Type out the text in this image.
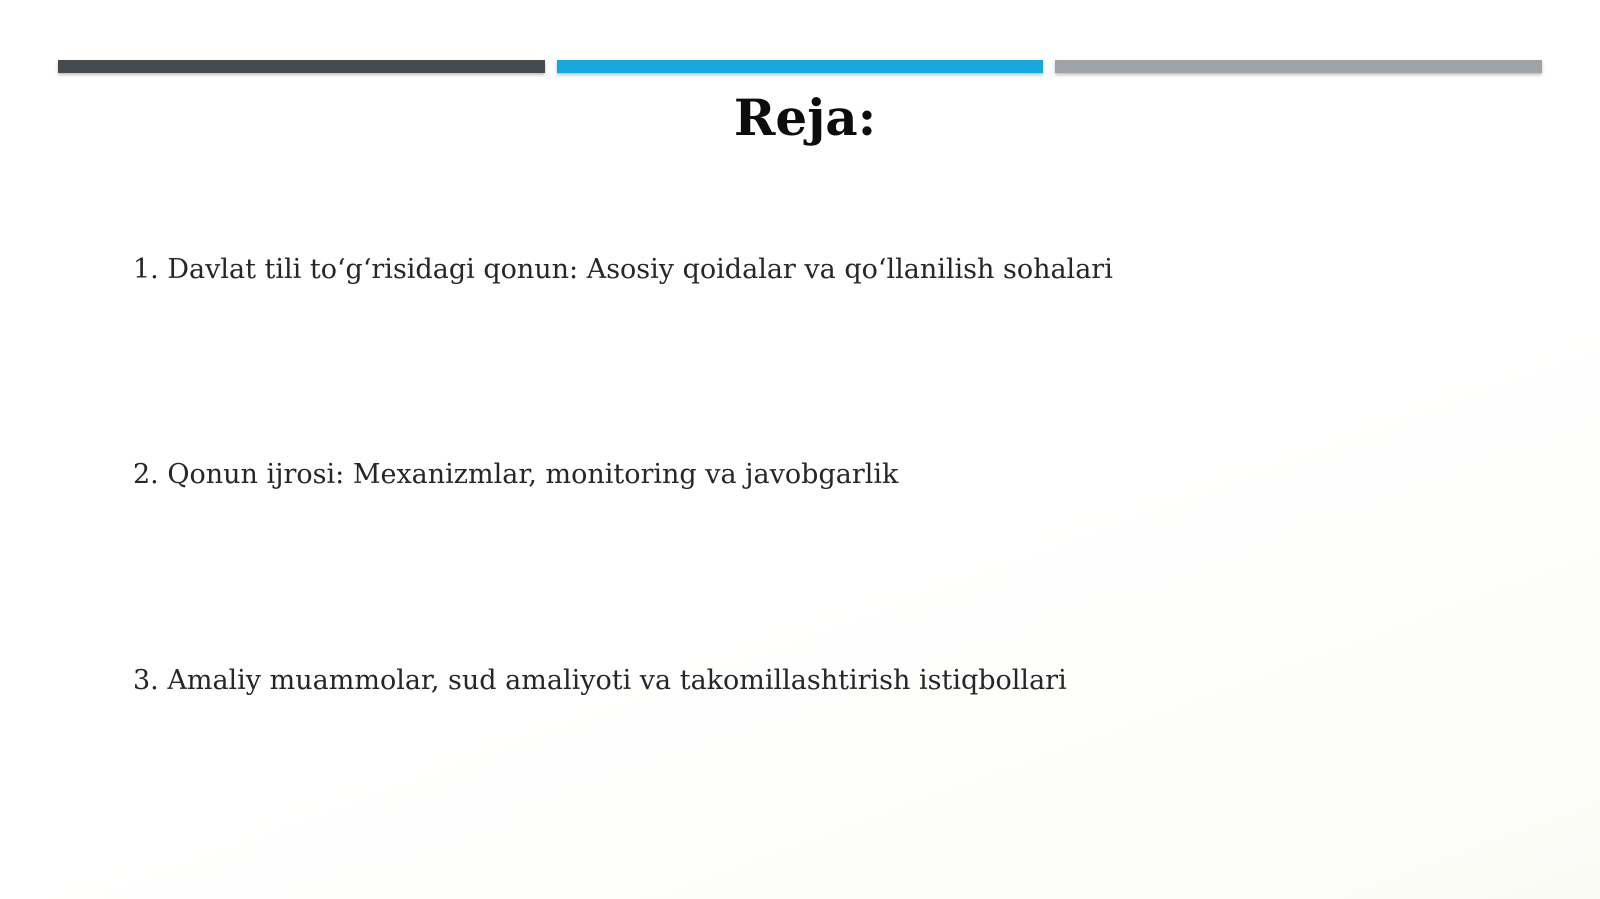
Reja:

1. Davlat tili to‘g‘risidagi qonun: Asosiy qoidalar va qo‘llanilish sohalari

2. Qonun ijrosi: Mexanizmlar, monitoring va javobgarlik

3. Amaliy muammolar, sud amaliyoti va takomillashtirish istiqbollari
